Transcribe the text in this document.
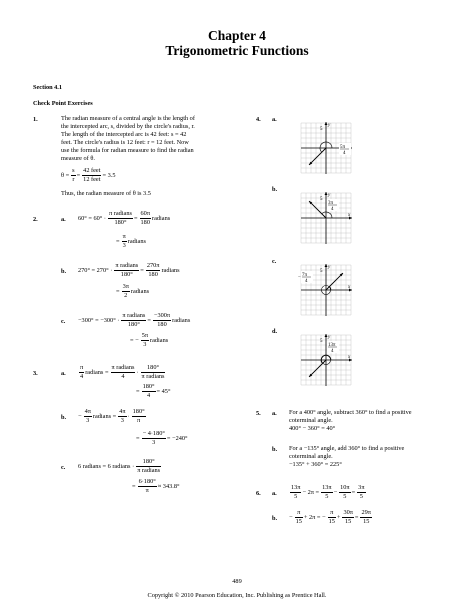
Chapter 4
Trigonometric Functions
Section 4.1
Check Point Exercises
1.	The radian measure of a central angle is the length of
the intercepted arc, s, divided by the circle's radius, r.
The length of the intercepted arc is 42 feet: s = 42
feet. The circle's radius is 12 feet: r = 12 feet. Now
use the formula for radian measure to find the radian
measure of θ.
$\theta = \frac{s}{r} = \frac{\text{42 feet}}{\text{12 feet}} = 3.5$
Thus, the radian measure of θ is 3.5
2.	a. $60^\circ = 60^\circ \cdot \frac{\text{π radians}}{180^\circ} = \frac{60\pi}{180}$ radians
= $\frac{\pi}{3}$ radians
b. $270^\circ = 270^\circ \cdot \frac{\text{π radians}}{180^\circ} = \frac{270\pi}{180}$ radians
= $\frac{3\pi}{2}$ radians
c. $-300^\circ = -300^\circ \cdot \frac{\text{π radians}}{180^\circ} = \frac{-300\pi}{180}$ radians
= − $\frac{5\pi}{3}$ radians
3.	a. $\frac{\pi}{4}$ radians = $\frac{\text{π radians}}{4} \cdot \frac{180^\circ}{\text{π radians}}$
= $\frac{180^\circ}{4} = 45^\circ$
b. − $\frac{4\pi}{3}$ radians = $\frac{4\pi}{3} \cdot \frac{180^\circ}{\pi}$
= $\frac{- 4\cdot 180^\circ}{3} = -240^\circ$
c. 6 radians = 6 radians · $\frac{180^\circ}{\text{π radians}}$
= $\frac{6\cdot 180^\circ}{\pi} \approx 343.8^\circ$
4. a.
b.
c.
d.
y
5
5π
4
y
x
5
3π
4
y
x
5
− 7π
4
y
x
5
13π
4
5. a. For a 400° angle, subtract 360° to find a positive
coterminal angle.
400° − 360° = 40°
b. For a −135° angle, add 360° to find a positive
coterminal angle.
−135° + 360° = 225°
6. a. $\frac{13\pi}{5} - 2\pi = \frac{13\pi}{5} - \frac{10\pi}{5} = \frac{3\pi}{5}$
b. − $\frac{\pi}{15} + 2\pi$ = − $\frac{\pi}{15} + \frac{30\pi}{15} = \frac{29\pi}{15}$
489
Copyright © 2010 Pearson Education, Inc. Publishing as Prentice Hall.
